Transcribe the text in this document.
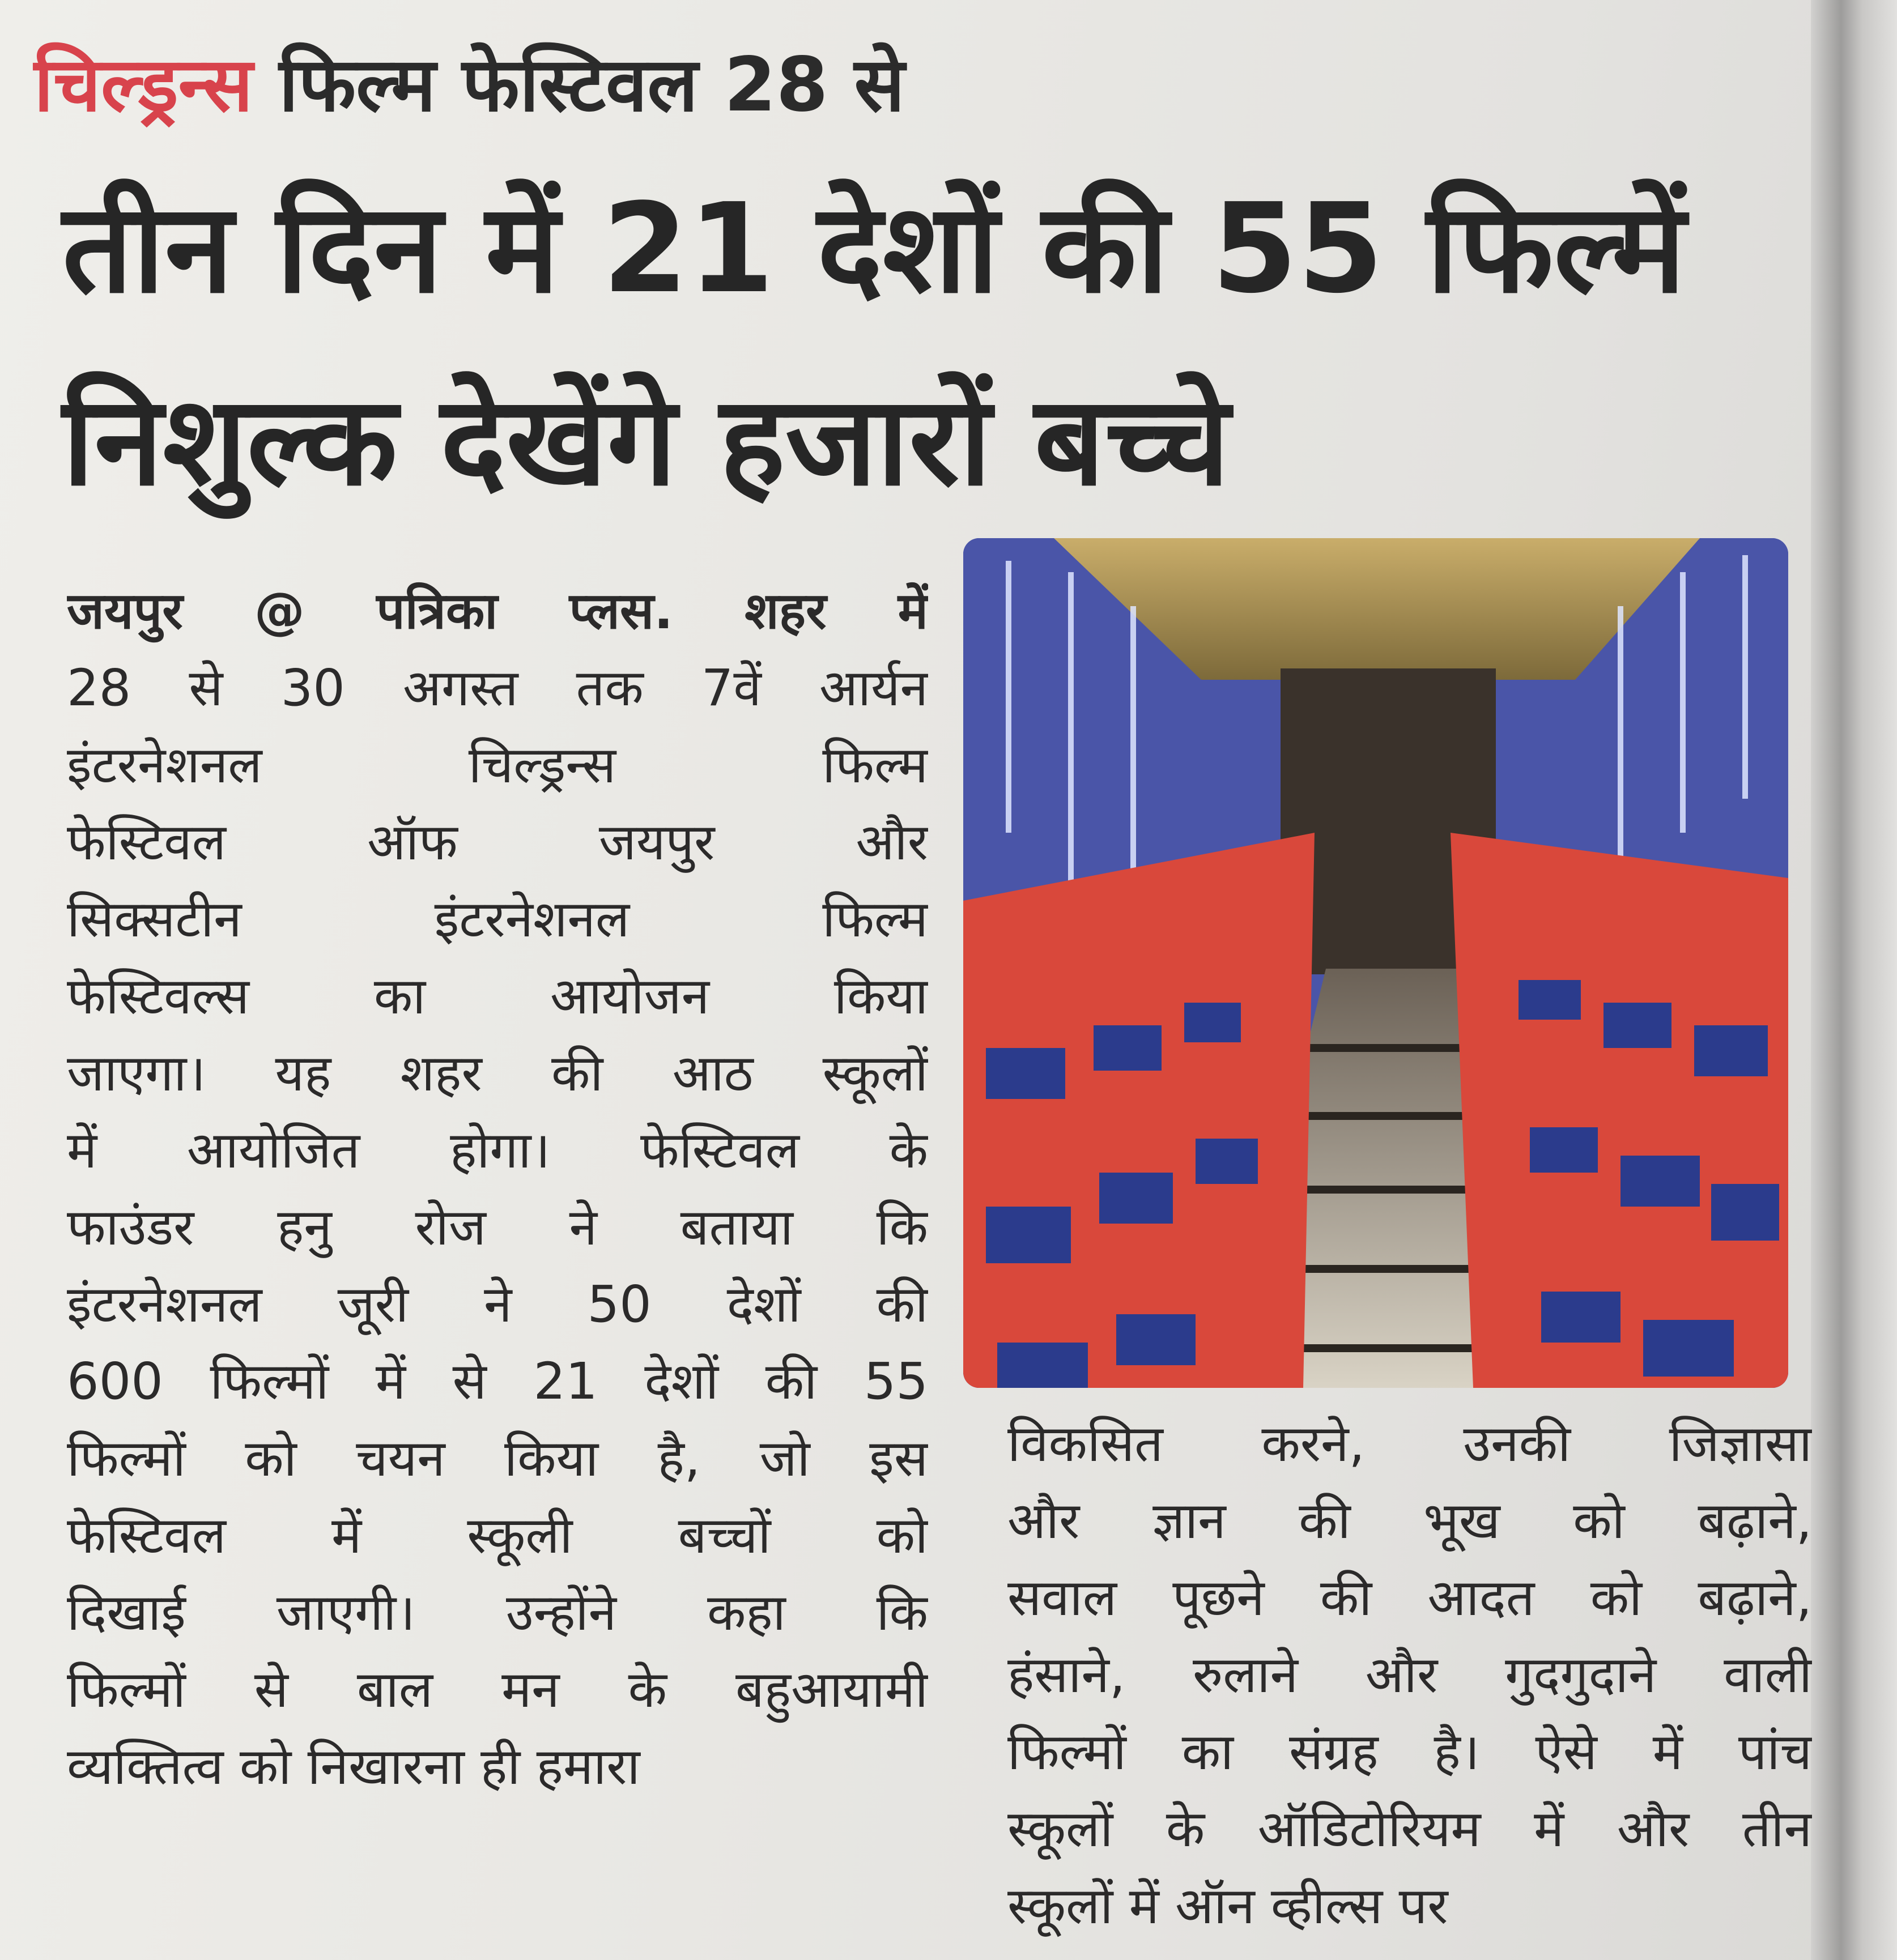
चिल्ड्रन्स फिल्म फेस्टिवल 28 से
तीन दिन में 21 देशों की 55 फिल्में
निशुल्क देखेंगे हजारों बच्चे
जयपुर @ पत्रिका प्लस. शहर में
28 से 30 अगस्त तक 7वें आर्यन
इंटरनेशनल चिल्ड्रन्स फिल्म
फेस्टिवल ऑफ जयपुर और
सिक्सटीन इंटरनेशनल फिल्म
फेस्टिवल्स का आयोजन किया
जाएगा। यह शहर की आठ स्कूलों
में आयोजित होगा। फेस्टिवल के
फाउंडर हनु रोज ने बताया कि
इंटरनेशनल जूरी ने 50 देशों की
600 फिल्मों में से 21 देशों की 55
फिल्मों को चयन किया है, जो इस
फेस्टिवल में स्कूली बच्चों को
दिखाई जाएगी। उन्होंने कहा कि
फिल्मों से बाल मन के बहुआयामी
व्यक्तित्व को निखारना ही हमारा
विकसित करने, उनकी जिज्ञासा
और ज्ञान की भूख को बढ़ाने,
सवाल पूछने की आदत को बढ़ाने,
हंसाने, रुलाने और गुदगुदाने वाली
फिल्मों का संग्रह है। ऐसे में पांच
स्कूलों के ऑडिटोरियम में और तीन
स्कूलों में ऑन व्हील्स पर
